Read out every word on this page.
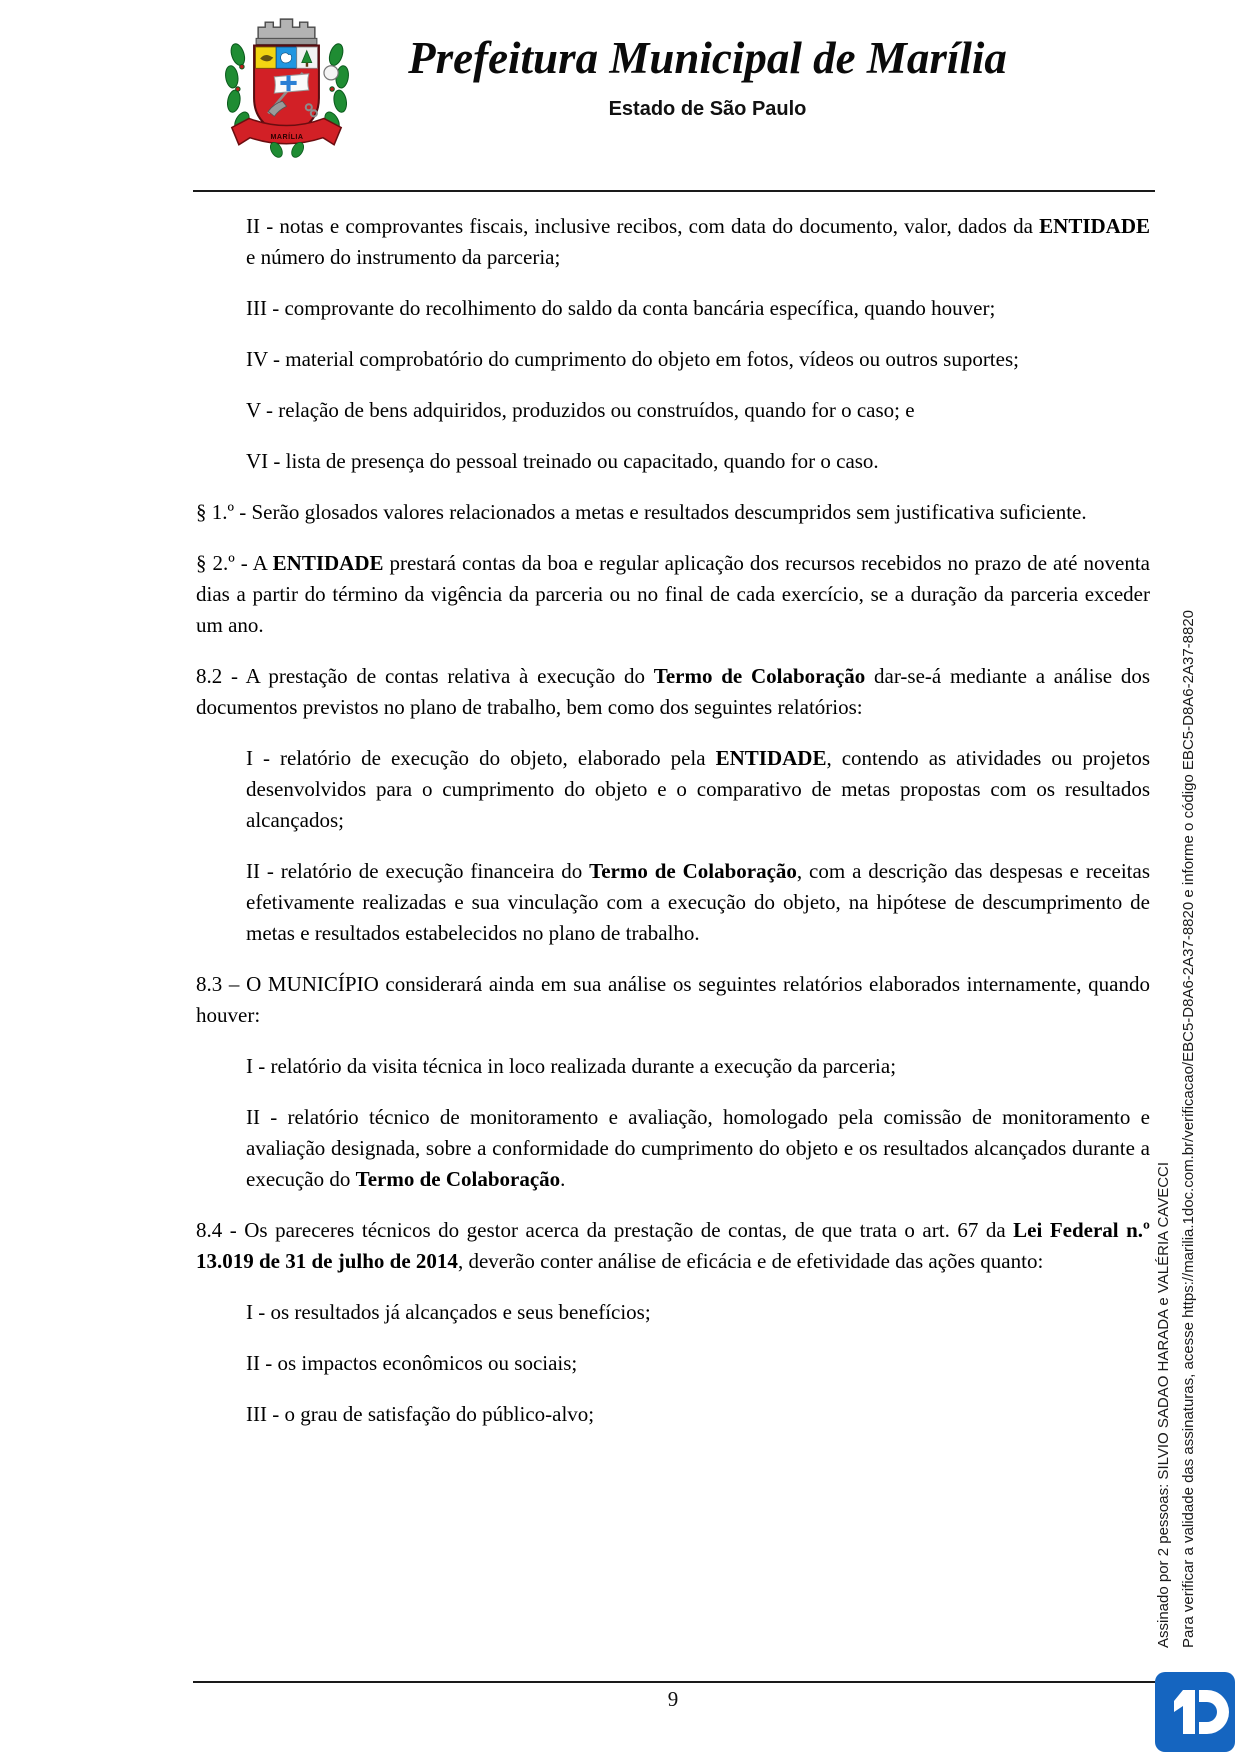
MARÍLIA
Prefeitura Municipal de Marília
Estado de São Paulo

II - notas e comprovantes fiscais, inclusive recibos, com data do documento, valor, dados da ENTIDADE e número do instrumento da parceria;

III - comprovante do recolhimento do saldo da conta bancária específica, quando houver;

IV - material comprobatório do cumprimento do objeto em fotos, vídeos ou outros suportes;

V - relação de bens adquiridos, produzidos ou construídos, quando for o caso; e

VI - lista de presença do pessoal treinado ou capacitado, quando for o caso.

§ 1.º - Serão glosados valores relacionados a metas e resultados descumpridos sem justificativa suficiente.

§ 2.º - A ENTIDADE prestará contas da boa e regular aplicação dos recursos recebidos no prazo de até noventa dias a partir do término da vigência da parceria ou no final de cada exercício, se a duração da parceria exceder um ano.

8.2 - A prestação de contas relativa à execução do Termo de Colaboração dar-se-á mediante a análise dos documentos previstos no plano de trabalho, bem como dos seguintes relatórios:

I - relatório de execução do objeto, elaborado pela ENTIDADE, contendo as atividades ou projetos desenvolvidos para o cumprimento do objeto e o comparativo de metas propostas com os resultados alcançados;

II - relatório de execução financeira do Termo de Colaboração, com a descrição das despesas e receitas efetivamente realizadas e sua vinculação com a execução do objeto, na hipótese de descumprimento de metas e resultados estabelecidos no plano de trabalho.

8.3 – O MUNICÍPIO considerará ainda em sua análise os seguintes relatórios elaborados internamente, quando houver:

I - relatório da visita técnica in loco realizada durante a execução da parceria;

II - relatório técnico de monitoramento e avaliação, homologado pela comissão de monitoramento e avaliação designada, sobre a conformidade do cumprimento do objeto e os resultados alcançados durante a execução do Termo de Colaboração.

8.4 - Os pareceres técnicos do gestor acerca da prestação de contas, de que trata o art. 67 da Lei Federal n.º 13.019 de 31 de julho de 2014, deverão conter análise de eficácia e de efetividade das ações quanto:

I - os resultados já alcançados e seus benefícios;

II - os impactos econômicos ou sociais;

III - o grau de satisfação do público-alvo;

9
Assinado por 2 pessoas: SILVIO SADAO HARADA e VALÉRIA CAVECCI Para verificar a validade das assinaturas, acesse https://marilia.1doc.com.br/verificacao/EBC5-D8A6-2A37-8820 e informe o código EBC5-D8A6-2A37-8820
